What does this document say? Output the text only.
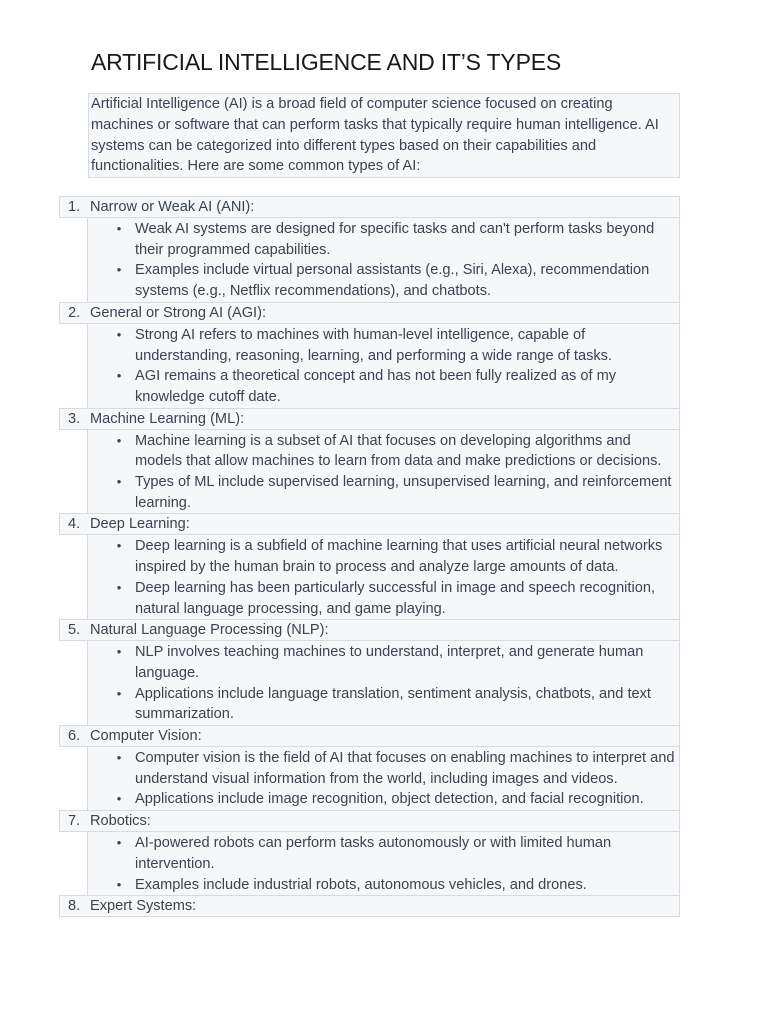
ARTIFICIAL INTELLIGENCE AND IT’S TYPES
Artificial Intelligence (AI) is a broad field of computer science focused on creating machines or software that can perform tasks that typically require human intelligence. AI systems can be categorized into different types based on their capabilities and functionalities. Here are some common types of AI:
1. Narrow or Weak AI (ANI):
• Weak AI systems are designed for specific tasks and can't perform tasks beyond their programmed capabilities.
• Examples include virtual personal assistants (e.g., Siri, Alexa), recommendation systems (e.g., Netflix recommendations), and chatbots.
2. General or Strong AI (AGI):
• Strong AI refers to machines with human-level intelligence, capable of understanding, reasoning, learning, and performing a wide range of tasks.
• AGI remains a theoretical concept and has not been fully realized as of my knowledge cutoff date.
3. Machine Learning (ML):
• Machine learning is a subset of AI that focuses on developing algorithms and models that allow machines to learn from data and make predictions or decisions.
• Types of ML include supervised learning, unsupervised learning, and reinforcement learning.
4. Deep Learning:
• Deep learning is a subfield of machine learning that uses artificial neural networks inspired by the human brain to process and analyze large amounts of data.
• Deep learning has been particularly successful in image and speech recognition, natural language processing, and game playing.
5. Natural Language Processing (NLP):
• NLP involves teaching machines to understand, interpret, and generate human language.
• Applications include language translation, sentiment analysis, chatbots, and text summarization.
6. Computer Vision:
• Computer vision is the field of AI that focuses on enabling machines to interpret and understand visual information from the world, including images and videos.
• Applications include image recognition, object detection, and facial recognition.
7. Robotics:
• AI-powered robots can perform tasks autonomously or with limited human intervention.
• Examples include industrial robots, autonomous vehicles, and drones.
8. Expert Systems:
